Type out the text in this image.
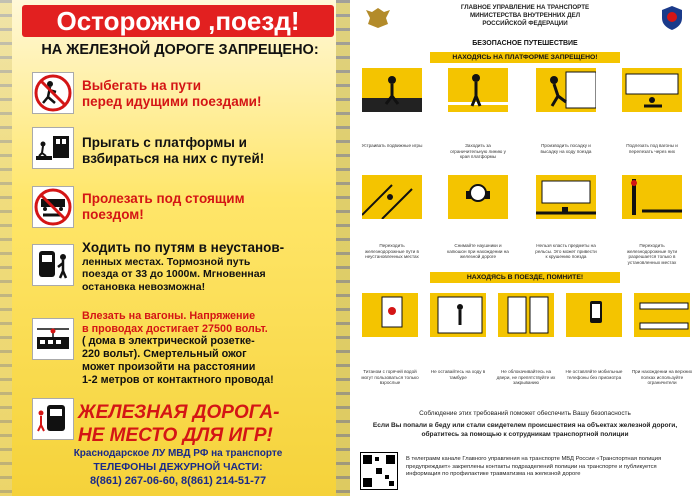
Осторожно ,поезд!
НА ЖЕЛЕЗНОЙ ДОРОГЕ ЗАПРЕЩЕНО:
Выбегать на пути
перед идущими поездами!
Прыгать с платформы и
взбираться на них с путей!
Пролезать под стоящим
поездом!
Ходить по путям в неустанов-
ленных местах. Тормозной путь
поезда от 33 до 1000м. Мгновенная
остановка невозможна!
Влезать на вагоны. Напряжение
в проводах достигает 27500 вольт.
( дома в электрической розетке-
220 вольт). Смертельный ожог
может произойти на расстоянии
1-2 метров от контактного провода!
ЖЕЛЕЗНАЯ ДОРОГА-
НЕ МЕСТО ДЛЯ ИГР!
Краснодарское ЛУ МВД РФ на транспорте
ТЕЛЕФОНЫ ДЕЖУРНОЙ ЧАСТИ:
8(861) 267-06-60, 8(861) 214-51-77
ГЛАВНОЕ УПРАВЛЕНИЕ НА ТРАНСПОРТЕ
МИНИСТЕРСТВА ВНУТРЕННИХ ДЕЛ
РОССИЙСКОЙ ФЕДЕРАЦИИ
БЕЗОПАСНОЕ ПУТЕШЕСТВИЕ
НАХОДЯСЬ НА ПЛАТФОРМЕ ЗАПРЕЩЕНО!
Устраивать подвижные игры	Заходить за ограничительную линию у края платформы
Производить посадку и высадку на ходу поезда
Подлезать под вагоны и перелезать через них
Переходить железнодорожные пути в неустановленных местах
Снимайте наушники и капюшон при нахождении на железной дороге
Нельзя класть предметы на рельсы. Это может привести к крушению поезда
Переходить железнодорожные пути разрешается только в установленных местах
НАХОДЯСЬ В ПОЕЗДЕ, ПОМНИТЕ!
Титаном с горячей водой могут пользоваться только взрослые
Не оставайтесь на ходу в тамбуре
Не облокачивайтесь на двери, не препятствуйте их закрыванию
Не оставляйте мобильные телефоны без присмотра
При нахождении на верхних полках используйте ограничители
Соблюдение этих требований поможет обеспечить Вашу безопасность
Если Вы попали в беду или стали свидетелем происшествия на объектах железной дороги,
обратитесь за помощью к сотрудникам транспортной полиции
В телеграмм канале Главного управления на транспорте МВД России «Транспортная полиция предупреждает» закреплены контакты подразделений полиции на транспорте и публикуется информация по профилактике травматизма на железной дороге
